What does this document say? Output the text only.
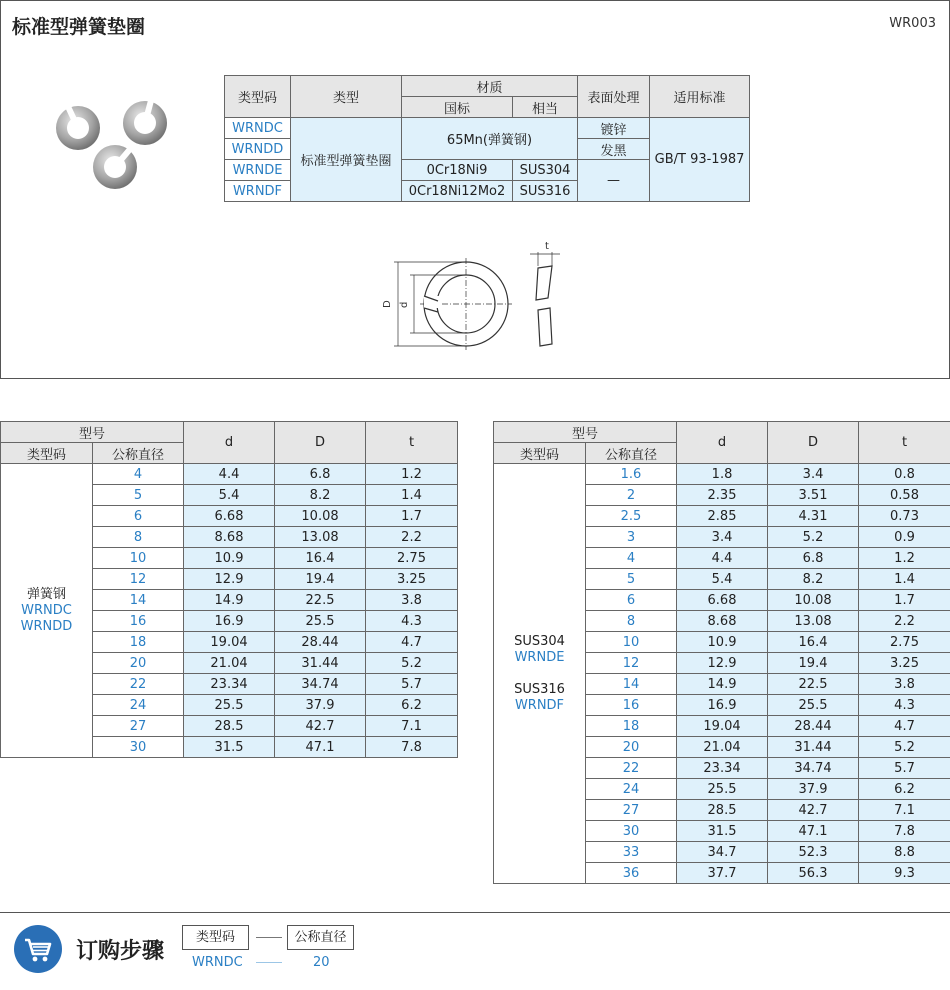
标准型弹簧垫圈	WR003
类型码	类型	材质		表面处理	适用标准
		国标	相当		
WRNDC	标准型弹簧垫圈	65Mn(弹簧钢)		镀锌	GB/T 93-1987
WRNDD				发黑	
WRNDE		0Cr18Ni9	SUS304	—	
WRNDF		0Cr18Ni12Mo2	SUS316		
D d
t
型号		d	D	t
类型码	公称直径			

弹簧钢
WRNDC
WRNDD	4	4.4	6.8	1.2
	5	5.4	8.2	1.4
	6	6.68	10.08	1.7
	8	8.68	13.08	2.2
	10	10.9	16.4	2.75
	12	12.9	19.4	3.25
	14	14.9	22.5	3.8
	16	16.9	25.5	4.3
	18	19.04	28.44	4.7
	20	21.04	31.44	5.2
	22	23.34	34.74	5.7
	24	25.5	37.9	6.2
	27	28.5	42.7	7.1
	30	31.5	47.1	7.8
型号		d	D	t
类型码	公称直径			

SUS304
WRNDE
SUS316
WRNDF	1.6	1.8	3.4	0.8
	2	2.35	3.51	0.58
	2.5	2.85	4.31	0.73
	3	3.4	5.2	0.9
	4	4.4	6.8	1.2
	5	5.4	8.2	1.4
	6	6.68	10.08	1.7
	8	8.68	13.08	2.2
	10	10.9	16.4	2.75
	12	12.9	19.4	3.25
	14	14.9	22.5	3.8
	16	16.9	25.5	4.3
	18	19.04	28.44	4.7
	20	21.04	31.44	5.2
	22	23.34	34.74	5.7
	24	25.5	37.9	6.2
	27	28.5	42.7	7.1
	30	31.5	47.1	7.8
	33	34.7	52.3	8.8
	36	37.7	56.3	9.3
订购步骤
类型码	公称直径
WRNDC	20
